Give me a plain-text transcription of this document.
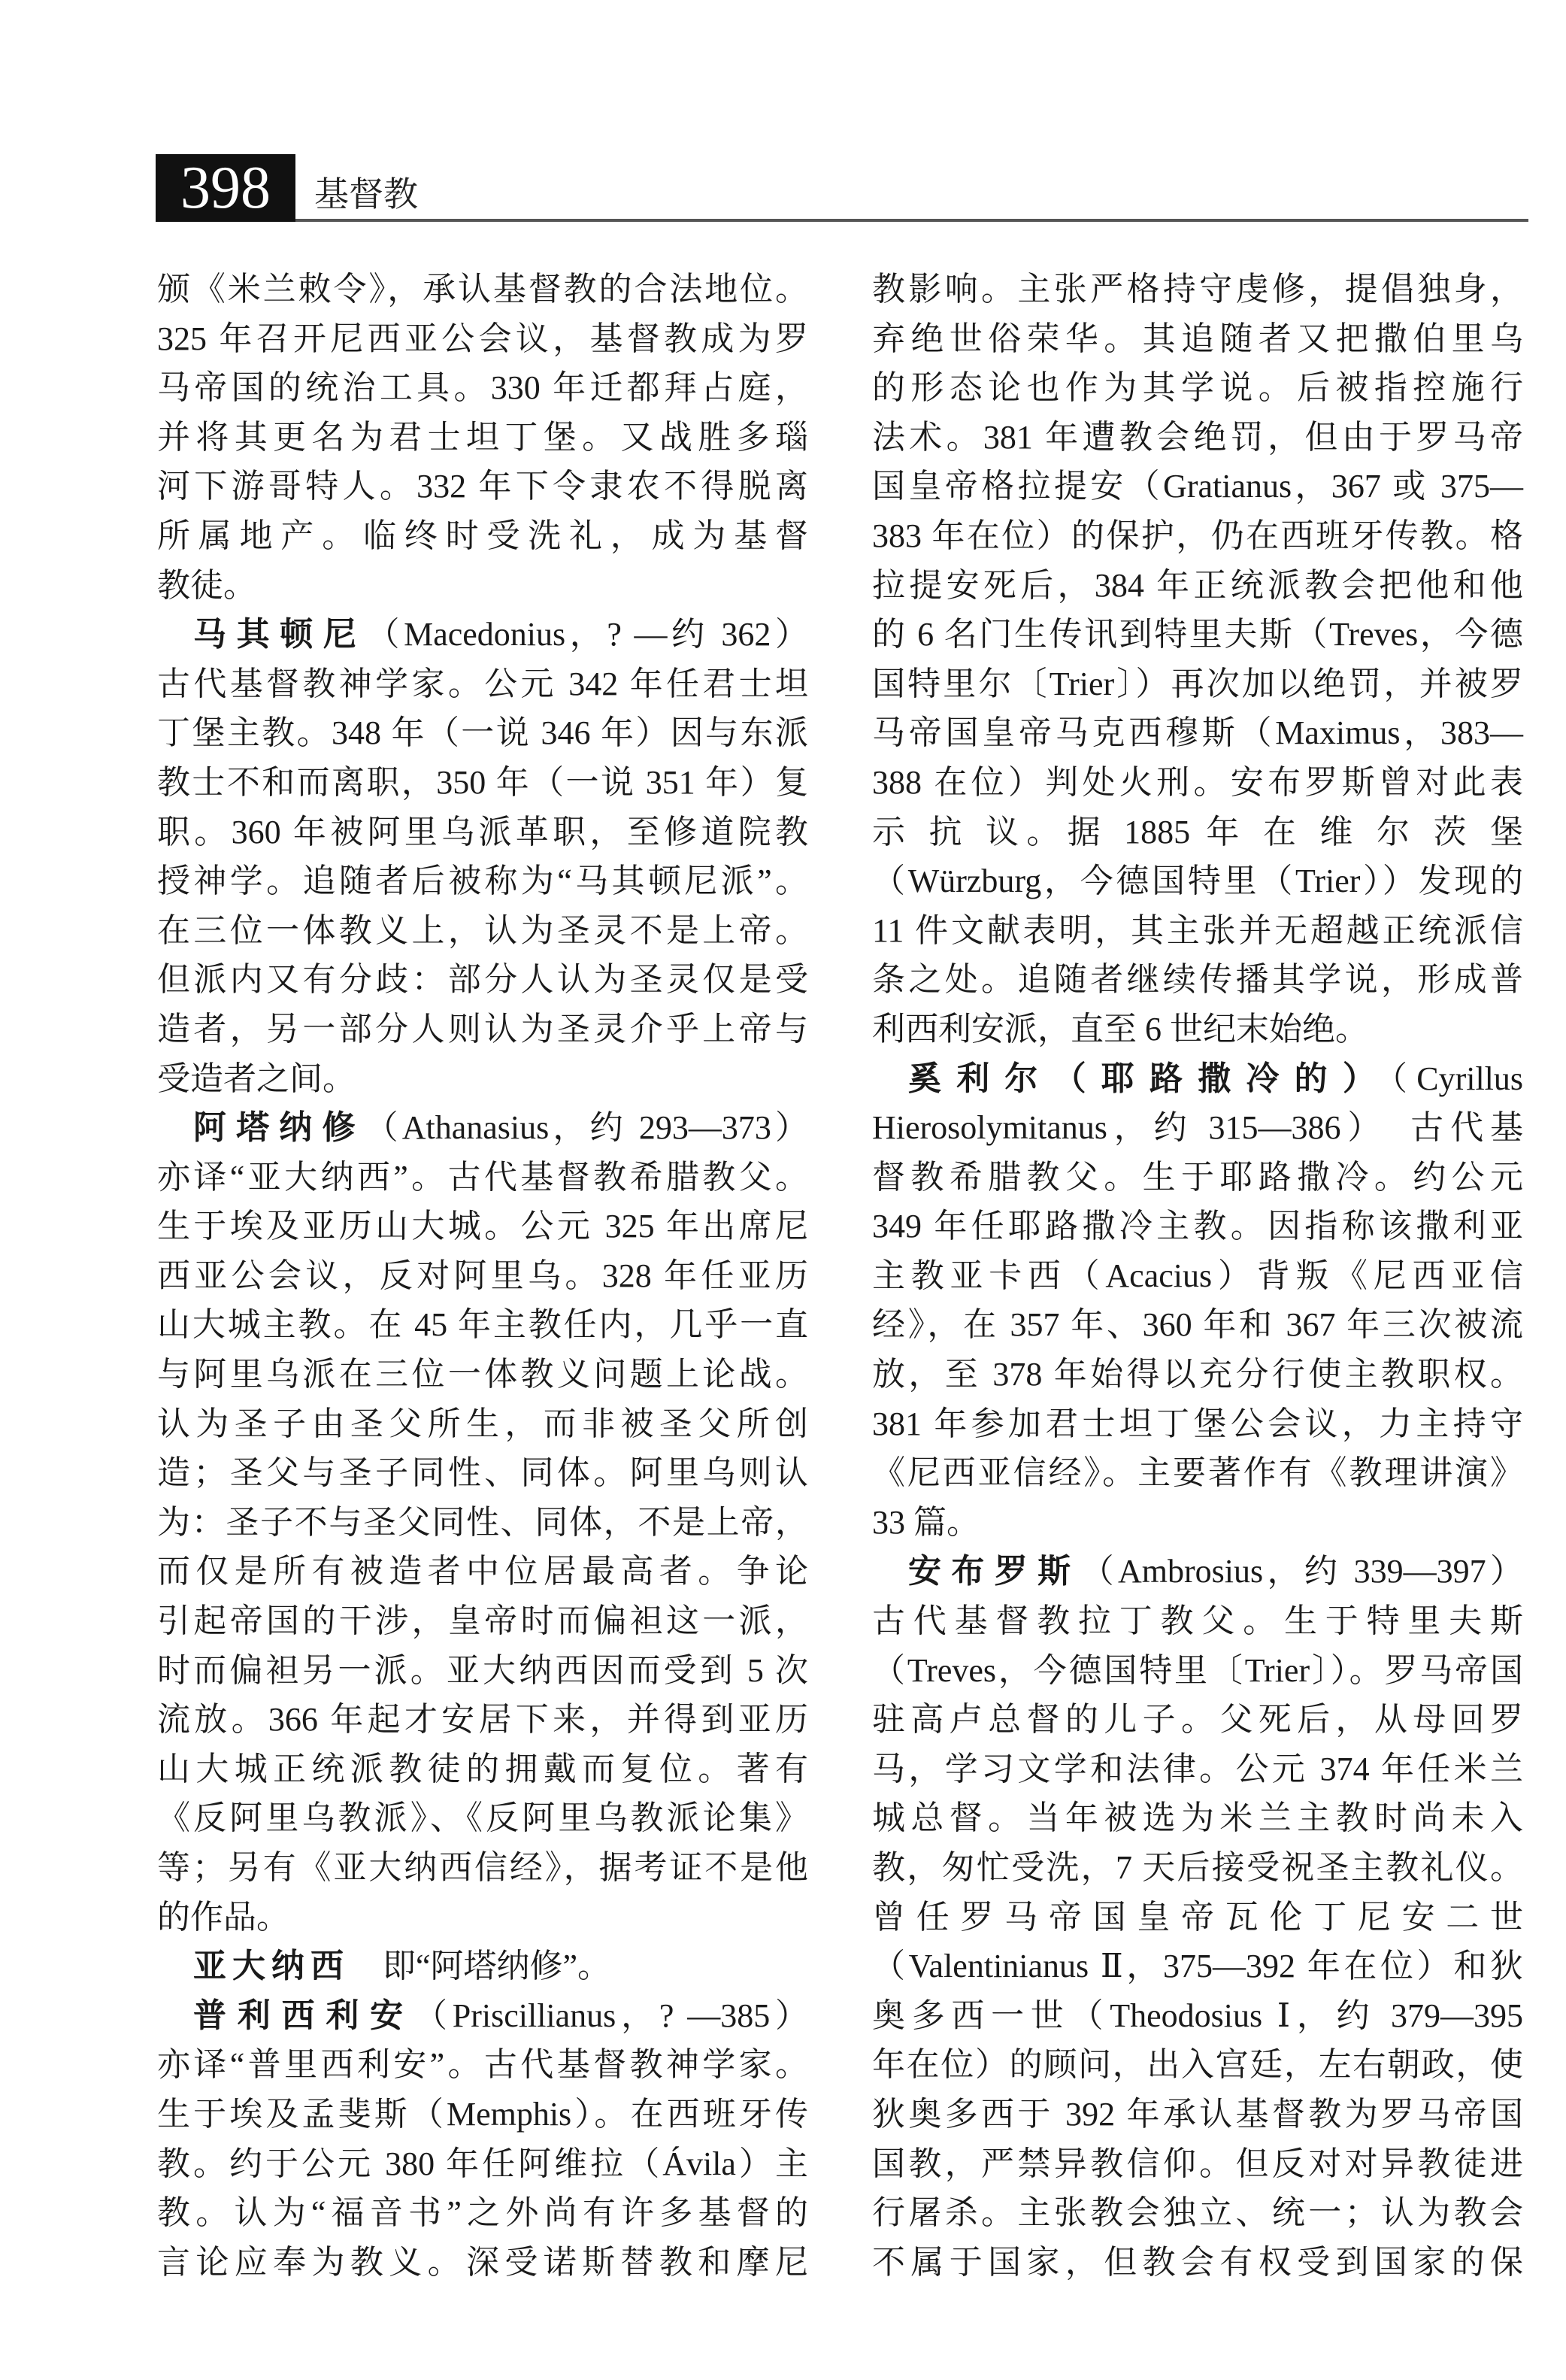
398	基督教
颁《米兰敕令》，承认基督教的合法地位。
325 年召开尼西亚公会议，基督教成为罗
马帝国的统治工具。330 年迁都拜占庭，
并将其更名为君士坦丁堡。又战胜多瑙
河下游哥特人。332 年下令隶农不得脱离
所属地产。临终时受洗礼，成为基督
教徒。
马其顿尼（Macedonius，? —约 362）
古代基督教神学家。公元 342 年任君士坦
丁堡主教。348 年（一说 346 年）因与东派
教士不和而离职，350 年（一说 351 年）复
职。360 年被阿里乌派革职，至修道院教
授神学。追随者后被称为“马其顿尼派”。
在三位一体教义上，认为圣灵不是上帝。
但派内又有分歧：部分人认为圣灵仅是受
造者，另一部分人则认为圣灵介乎上帝与
受造者之间。
阿塔纳修（Athanasius，约 293—373）
亦译“亚大纳西”。古代基督教希腊教父。
生于埃及亚历山大城。公元 325 年出席尼
西亚公会议，反对阿里乌。328 年任亚历
山大城主教。在 45 年主教任内，几乎一直
与阿里乌派在三位一体教义问题上论战。
认为圣子由圣父所生，而非被圣父所创
造；圣父与圣子同性、同体。阿里乌则认
为：圣子不与圣父同性、同体，不是上帝，
而仅是所有被造者中位居最高者。争论
引起帝国的干涉，皇帝时而偏袒这一派，
时而偏袒另一派。亚大纳西因而受到 5 次
流放。366 年起才安居下来，并得到亚历
山大城正统派教徒的拥戴而复位。著有
《反阿里乌教派》、《反阿里乌教派论集》
等；另有《亚大纳西信经》，据考证不是他
的作品。
亚大纳西　即“阿塔纳修”。
普利西利安（Priscillianus，? —385）
亦译“普里西利安”。古代基督教神学家。
生于埃及孟斐斯（Memphis）。在西班牙传
教。约于公元 380 年任阿维拉（Ávila）主
教。认为“福音书”之外尚有许多基督的
言论应奉为教义。深受诺斯替教和摩尼
教影响。主张严格持守虔修，提倡独身，
弃绝世俗荣华。其追随者又把撒伯里乌
的形态论也作为其学说。后被指控施行
法术。381 年遭教会绝罚，但由于罗马帝
国皇帝格拉提安（Gratianus，367 或 375—
383 年在位）的保护，仍在西班牙传教。格
拉提安死后，384 年正统派教会把他和他
的 6 名门生传讯到特里夫斯（Treves，今德
国特里尔〔Trier〕）再次加以绝罚，并被罗
马帝国皇帝马克西穆斯（Maximus，383—
388 在位）判处火刑。安布罗斯曾对此表
示 抗 议。据 1885 年 在 维 尔 茨 堡
（Würzburg，今德国特里（Trier））发现的
11 件文献表明，其主张并无超越正统派信
条之处。追随者继续传播其学说，形成普
利西利安派，直至 6 世纪末始绝。
奚利尔（耶路撒冷的）（Cyrillus
Hierosolymitanus，约 315—386）　古代基
督教希腊教父。生于耶路撒冷。约公元
349 年任耶路撒冷主教。因指称该撒利亚
主教亚卡西（Acacius）背叛《尼西亚信
经》，在 357 年、360 年和 367 年三次被流
放，至 378 年始得以充分行使主教职权。
381 年参加君士坦丁堡公会议，力主持守
《尼西亚信经》。主要著作有《教理讲演》
33 篇。
安布罗斯（Ambrosius，约 339—397）
古代基督教拉丁教父。生于特里夫斯
（Treves，今德国特里〔Trier〕）。罗马帝国
驻高卢总督的儿子。父死后，从母回罗
马，学习文学和法律。公元 374 年任米兰
城总督。当年被选为米兰主教时尚未入
教，匆忙受洗，7 天后接受祝圣主教礼仪。
曾任罗马帝国皇帝瓦伦丁尼安二世
（Valentinianus Ⅱ，375—392 年在位）和狄
奥多西一世（Theodosius Ⅰ，约 379—395
年在位）的顾问，出入宫廷，左右朝政，使
狄奥多西于 392 年承认基督教为罗马帝国
国教，严禁异教信仰。但反对对异教徒进
行屠杀。主张教会独立、统一；认为教会
不属于国家，但教会有权受到国家的保
